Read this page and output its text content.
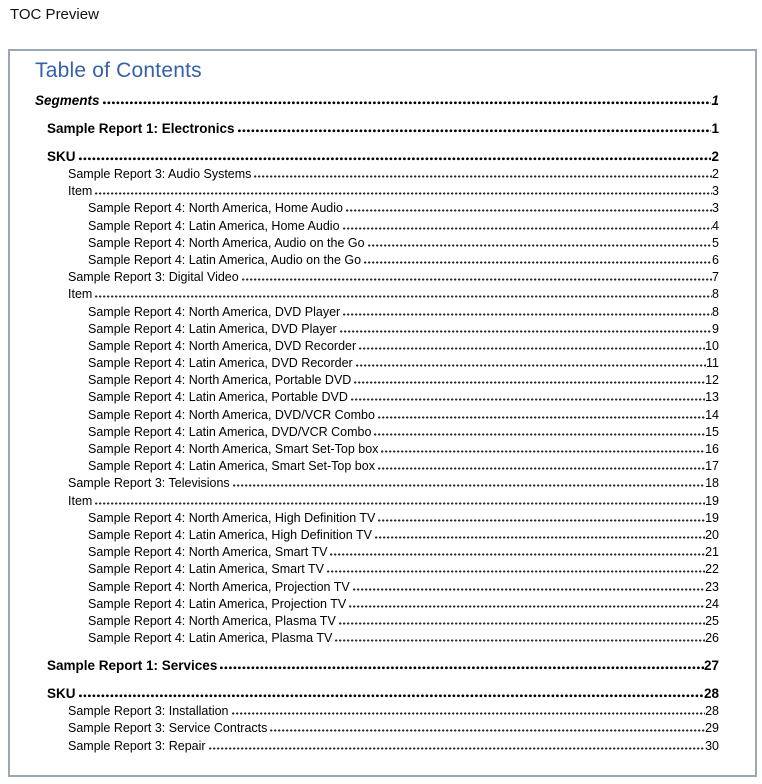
TOC Preview
Table of Contents
Segments	1
Sample Report 1: Electronics	1
SKU	2
Sample Report 3: Audio Systems	2
Item	3
Sample Report 4: North America, Home Audio	3
Sample Report 4: Latin America, Home Audio	4
Sample Report 4: North America, Audio on the Go	5
Sample Report 4: Latin America, Audio on the Go	6
Sample Report 3: Digital Video	7
Item	8
Sample Report 4: North America, DVD Player	8
Sample Report 4: Latin America, DVD Player	9
Sample Report 4: North America, DVD Recorder	10
Sample Report 4: Latin America, DVD Recorder	11
Sample Report 4: North America, Portable DVD	12
Sample Report 4: Latin America, Portable DVD	13
Sample Report 4: North America, DVD/VCR Combo	14
Sample Report 4: Latin America, DVD/VCR Combo	15
Sample Report 4: North America, Smart Set-Top box	16
Sample Report 4: Latin America, Smart Set-Top box	17
Sample Report 3: Televisions	18
Item	19
Sample Report 4: North America, High Definition TV	19
Sample Report 4: Latin America, High Definition TV	20
Sample Report 4: North America, Smart TV	21
Sample Report 4: Latin America, Smart TV	22
Sample Report 4: North America, Projection TV	23
Sample Report 4: Latin America, Projection TV	24
Sample Report 4: North America, Plasma TV	25
Sample Report 4: Latin America, Plasma TV	26
Sample Report 1: Services	27
SKU	28
Sample Report 3: Installation	28
Sample Report 3: Service Contracts	29
Sample Report 3: Repair	30
